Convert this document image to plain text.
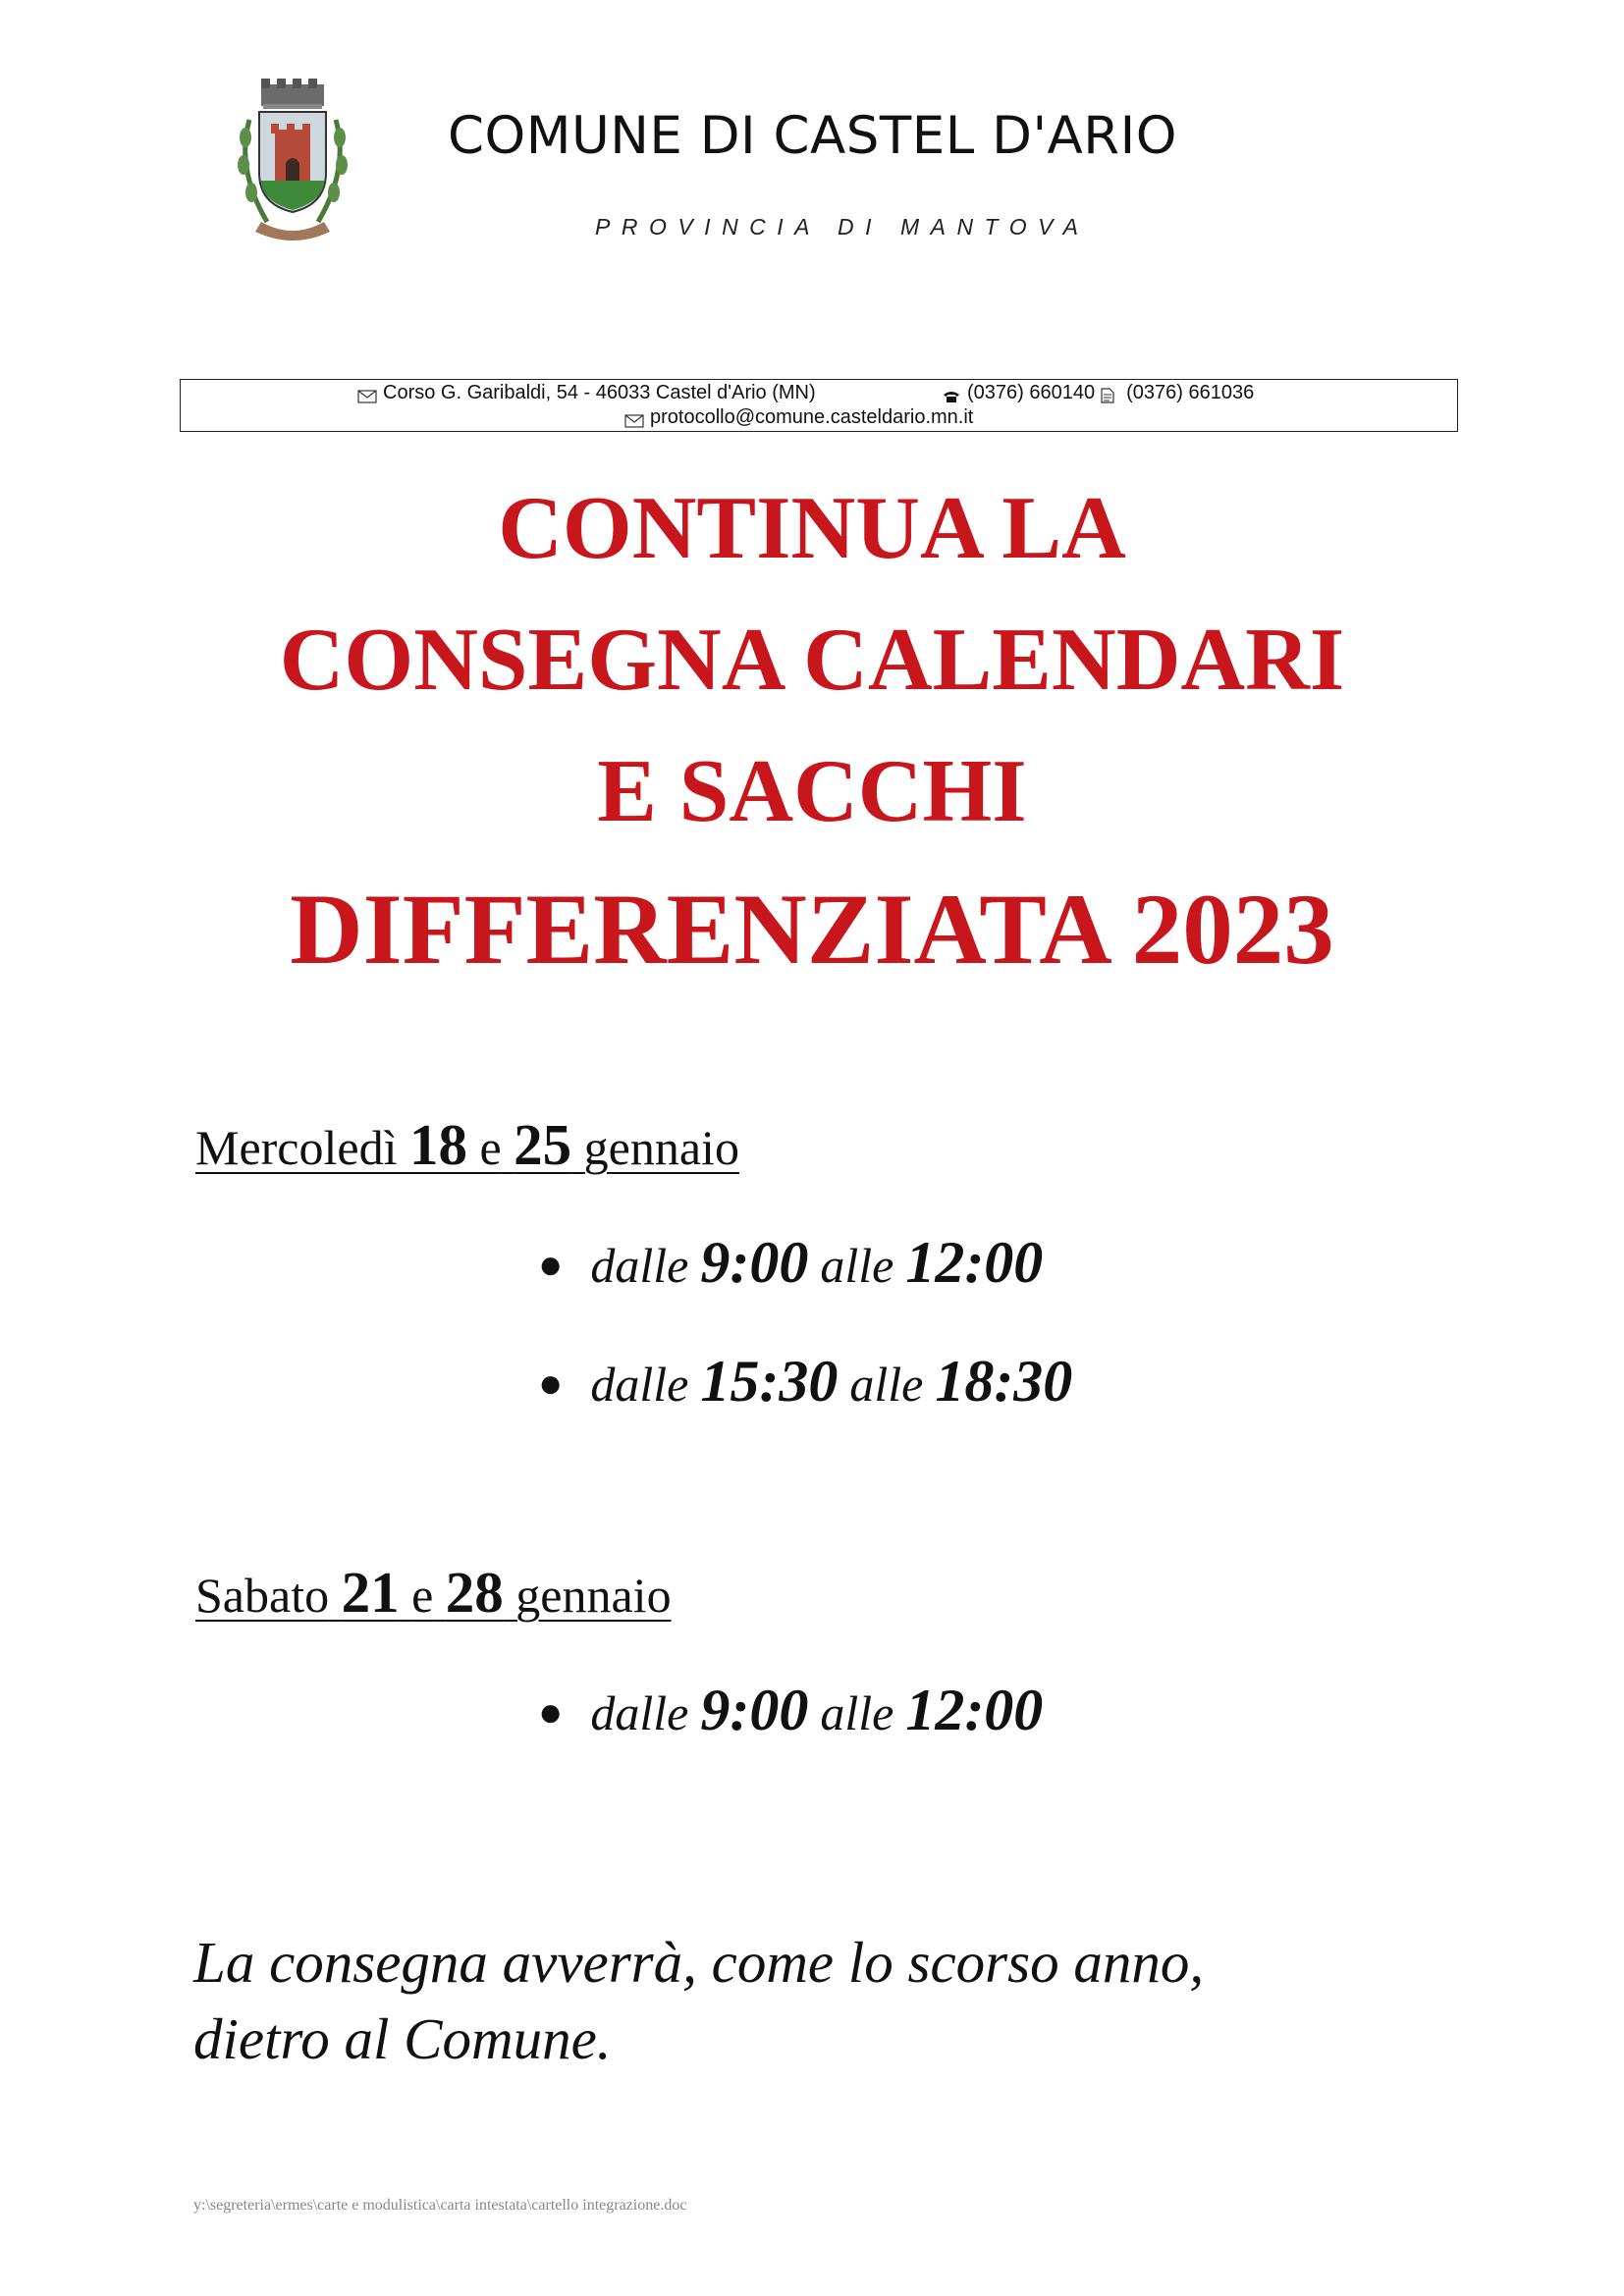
COMUNE DI CASTEL D'ARIO
PROVINCIA DI MANTOVA
Corso G. Garibaldi, 54 - 46033 Castel d'Ario (MN)	(0376) 660140 (0376) 661036
protocollo@comune.casteldario.mn.it
CONTINUA LA
CONSEGNA CALENDARI
E SACCHI
DIFFERENZIATA 2023
Mercoledì 18 e 25 gennaio
● dalle 9:00 alle 12:00
● dalle 15:30 alle 18:30
Sabato 21 e 28 gennaio
● dalle 9:00 alle 12:00
La consegna avverrà, come lo scorso anno,
dietro al Comune.
y:\segreteria\ermes\carte e modulistica\carta intestata\cartello integrazione.doc
